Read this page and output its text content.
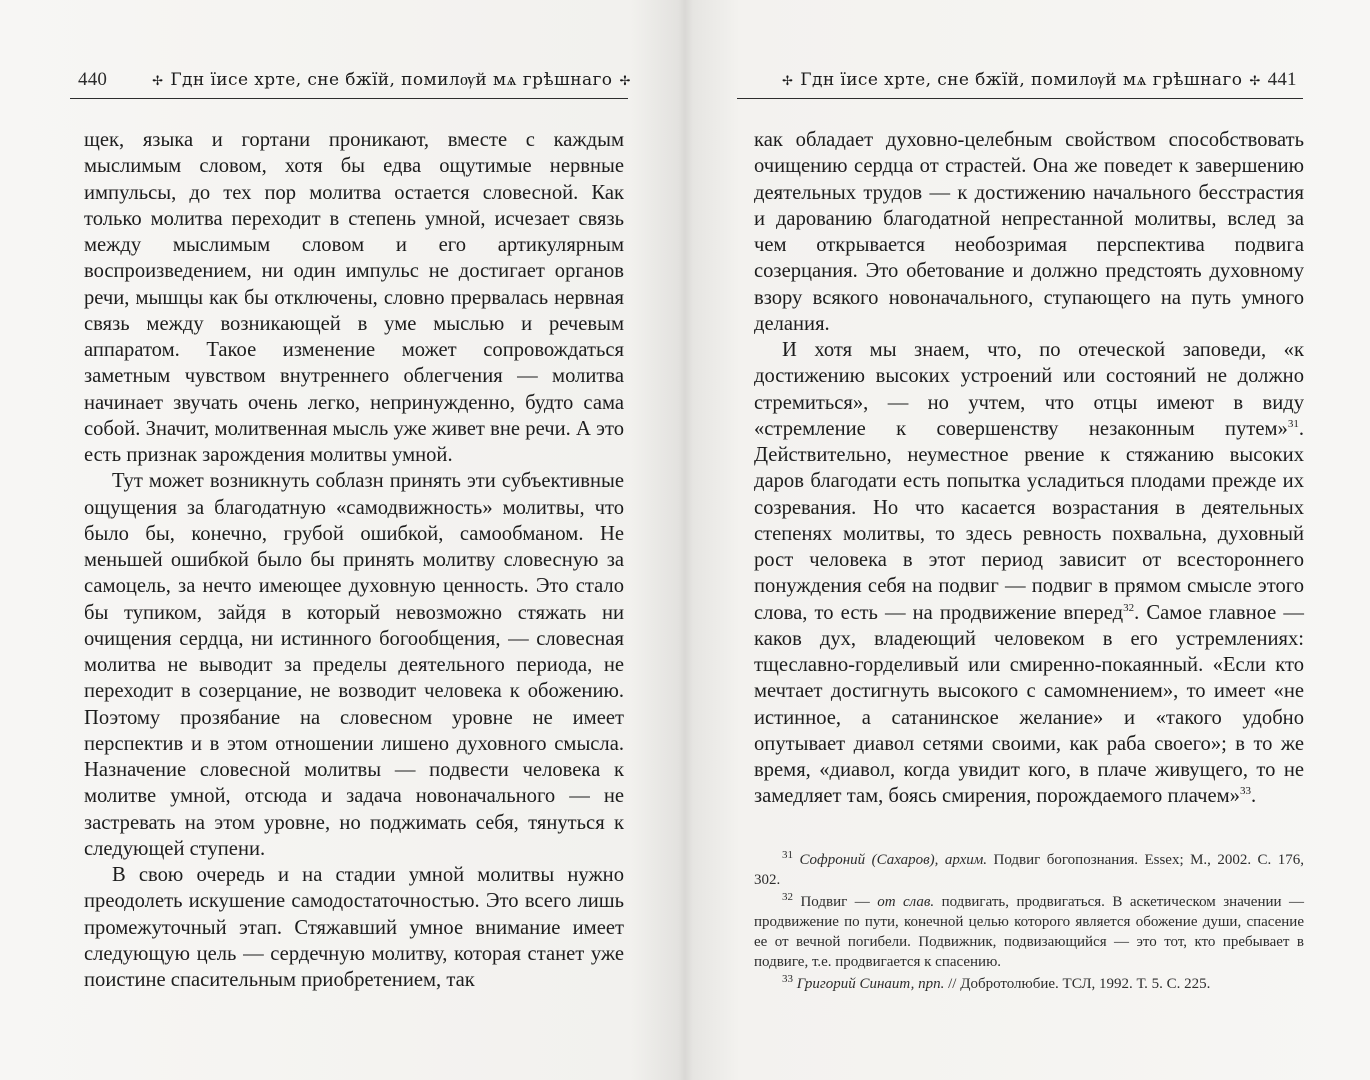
440	✢ Гдн їисе хрте, сне бжїй, помилѹй мѧ грѣшнаго ✢

щек, языка и гортани проникают, вместе с каждым мыслимым словом, хотя бы едва ощутимые нервные импульсы, до тех пор молитва остается словесной. Как только молитва переходит в степень умной, исчезает связь между мыслимым словом и его артикулярным воспроизведением, ни один импульс не достигает органов речи, мышцы как бы отключены, словно прервалась нервная связь между возникающей в уме мыслью и речевым аппаратом. Такое изменение может сопровождаться заметным чувством внутреннего облегчения — молитва начинает звучать очень легко, непринужденно, будто сама собой. Значит, молитвенная мысль уже живет вне речи. А это есть признак зарождения молитвы умной.

Тут может возникнуть соблазн принять эти субъективные ощущения за благодатную «самодвижность» молитвы, что было бы, конечно, грубой ошибкой, самообманом. Не меньшей ошибкой было бы принять молитву словесную за самоцель, за нечто имеющее духовную ценность. Это стало бы тупиком, зайдя в который невозможно стяжать ни очищения сердца, ни истинного богообщения, — словесная молитва не выводит за пределы деятельного периода, не переходит в созерцание, не возводит человека к обожению. Поэтому прозябание на словесном уровне не имеет перспектив и в этом отношении лишено духовного смысла. Назначение словесной молитвы — подвести человека к молитве умной, отсюда и задача новоначального — не застревать на этом уровне, но поджимать себя, тянуться к следующей ступени.

В свою очередь и на стадии умной молитвы нужно преодолеть искушение самодостаточностью. Это всего лишь промежуточный этап. Стяжавший умное внимание имеет следующую цель — сердечную молитву, которая станет уже поистине спасительным приобретением, так

✢ Гдн їисе хрте, сне бжїй, помилѹй мѧ грѣшнаго ✢ 441

как обладает духовно-целебным свойством способствовать очищению сердца от страстей. Она же поведет к завершению деятельных трудов — к достижению начального бесстрастия и дарованию благодатной непрестанной молитвы, вслед за чем открывается необозримая перспектива подвига созерцания. Это обетование и должно предстоять духовному взору всякого новоначального, ступающего на путь умного делания.

И хотя мы знаем, что, по отеческой заповеди, «к достижению высоких устроений или состояний не должно стремиться», — но учтем, что отцы имеют в виду «стремление к совершенству незаконным путем»$^{31}$. Действительно, неуместное рвение к стяжанию высоких даров благодати есть попытка усладиться плодами прежде их созревания. Но что касается возрастания в деятельных степенях молитвы, то здесь ревность похвальна, духовный рост человека в этот период зависит от всестороннего понуждения себя на подвиг — подвиг в прямом смысле этого слова, то есть — на продвижение вперед$^{32}$. Самое главное — каков дух, владеющий человеком в его устремлениях: тщеславно-горделивый или смиренно-покаянный. «Если кто мечтает достигнуть высокого с самомнением», то имеет «не истинное, а сатанинское желание» и «такого удобно опутывает диавол сетями своими, как раба своего»; в то же время, «диавол, когда увидит кого, в плаче живущего, то не замедляет там, боясь смирения, порождаемого плачем»$^{33}$.

$^{31}$ Софроний (Сахаров), архим. Подвиг богопознания. Essex; М., 2002. С. 176, 302.

$^{32}$ Подвиг — от слав. подвигать, продвигаться. В аскетическом значении — продвижение по пути, конечной целью которого является обожение души, спасение ее от вечной погибели. Подвижник, подвизающийся — это тот, кто пребывает в подвиге, т.е. продвигается к спасению.

$^{33}$ Григорий Синаит, прп. // Добротолюбие. ТСЛ, 1992. Т. 5. С. 225.
